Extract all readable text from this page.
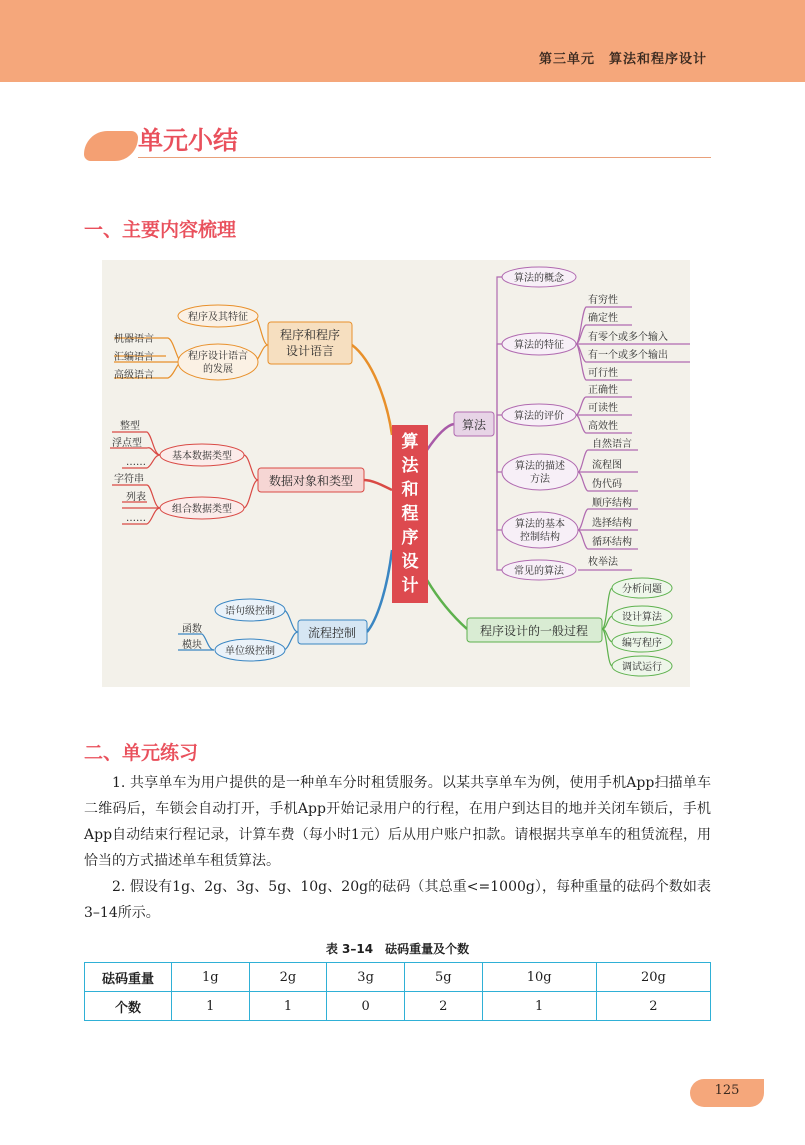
第三单元　算法和程序设计
单元小结
一、主要内容梳理
算
法
和
程
序
设
计
算法
程序设计的一般过程
程序和程序
设计语言
数据对象和类型
流程控制
算法的概念
算法的特征
算法的评价
算法的描述
方法
算法的基本
控制结构
常见的算法
有穷性
确定性
有零个或多个输入
有一个或多个输出
可行性
正确性
可读性
高效性
自然语言
流程图
伪代码
顺序结构
选择结构
循环结构
枚举法
分析问题
设计算法
编写程序
调试运行
程序及其特征
程序设计语言
的发展
机器语言
汇编语言
高级语言
基本数据类型
组合数据类型
整型
浮点型
……
字符串
列表
……
语句级控制
单位级控制
函数
模块
二、单元练习

1. 共享单车为用户提供的是一种单车分时租赁服务。以某共享单车为例，使用手机App扫描单车二维码后，车锁会自动打开，手机App开始记录用户的行程，在用户到达目的地并关闭车锁后，手机App自动结束行程记录，计算车费（每小时1元）后从用户账户扣款。请根据共享单车的租赁流程，用恰当的方式描述单车租赁算法。

2. 假设有1g、2g、3g、5g、10g、20g的砝码（其总重<=1000g），每种重量的砝码个数如表3–14所示。

表 3–14　砝码重量及个数
砝码重量	1g	2g	3g	5g	10g	20g
个数	1	1	0	2	1	2
125
